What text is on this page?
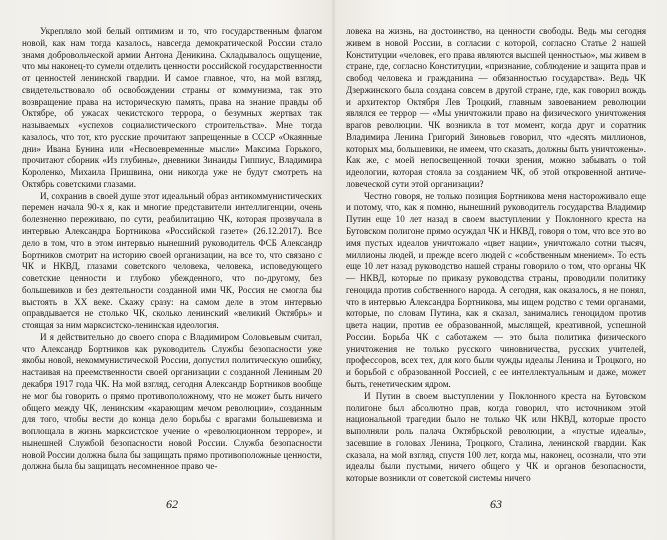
Укрепляло мой белый оптимизм и то, что государственным флагом новой, как нам тогда казалось, навсегда демократической России стало знамя добровольческой армии Антона Деникина. Складывалось ощущение, что мы наконец-то сумели отделить ценности российской государственности от ценностей ленинской гвардии. И самое главное, что, на мой взгляд, свидетельствовало об освобождении страны от коммунизма, так это возвращение права на историческую память, права на знание правды об Октябре, об ужасах чекистского террора, о безумных жертвах так называемых «успехов социалистического строительства». Мне тогда казалось, что тот, кто русские прочитают запрещенные в СССР «Окаянные дни» Ивана Бунина или «Несвоевременные мысли» Максима Горького, прочитают сборник «Из глубины», дневники Зинаиды Гиппиус, Владимира Короленко, Михаила Пришвина, они никогда уже не будут смотреть на Октябрь советскими глазами.

И, сохранив в своей душе этот идеальный образ антикоммунистических перемен начала 90-х я, как и многие представители интеллигенции, очень болезненно переживаю, по сути, реабилитацию ЧК, которая прозвучала в интервью Александра Бортникова «Российской газете» (26.12.2017). Все дело в том, что в этом интервью нынешний руководитель ФСБ Александр Бортников смотрит на историю своей организации, на все то, что связано с ЧК и НКВД, глазами советского человека, человека, исповедующего советские ценности и глубоко убежденного, что по-другому, без большевиков и без деятельности созданной ими ЧК, Россия не смогла бы выстоять в ХХ веке. Скажу сразу: на самом деле в этом интервью оправдывается не столько ЧК, сколько ленинский «великий Октябрь» и стоящая за ним марксистско-ленинская идеология.

И я действительно до своего спора с Владимиром Соловьевым считал, что Александр Бортников как руководитель Службы безопасности уже якобы новой, некоммунистической России, допустил политическую ошибку, настаивая на преемственности своей организации с созданной Лениным 20 декабря 1917 года ЧК. На мой взгляд, сегодня Александр Бортников вообще не мог бы говорить о прямо противоположному, что не может быть ничего общего между ЧК, ленинским «карающим мечом революции», созданным для того, чтобы вести до конца дело борьбы с врагами большевизма и воплощала в жизнь марксистское учение о «революционном терроре», и нынешней Службой безопасности новой России. Служба безопасности новой России должна была бы защищать прямо противоположные ценности, должна была бы защищать несомненное право че-

62

ловека на жизнь, на достоинство, на ценности свободы. Ведь мы сегодня живем в новой России, в согласии с которой, согласно Статье 2 нашей Конституции «человек, его права являются высшей ценностью», мы живем в стране, где, согласно Конституции, «признание, соблюдение и защита прав и свобод человека и гражданина — обязанностью государства». Ведь ЧК Дзержинского была создана совсем в другой стране, где, как говорил вождь и архитектор Октября Лев Троцкий, главным завоеванием революции являлся ее террор — «Мы уничтожили право на физического уничтожения врагов революции. ЧК возникла в тот момент, когда друг и соратник Владимира Ленина Григорий Зиновьев говорил, что «десять миллионов, которых мы, большевики, не имеем, что сказать, должны быть уничтожены». Как же, с моей непосвещенной точки зрения, можно забывать о той идеологии, которая стояла за созданием ЧК, об этой откровенной античеловеческой сути этой организации?

Честно говоря, не только позиция Бортникова меня настороживало еще и потому, что, как я помню, нынешний руководитель государства Владимир Путин еще 10 лет назад в своем выступлении у Поклонного креста на Бутовском полигоне прямо осуждал ЧК и НКВД, говоря о том, что все это во имя пустых идеалов уничтожало «цвет нации», уничтожало сотни тысяч, миллионы людей, и прежде всего людей с «собственным мнением». То есть еще 10 лет назад руководство нашей страны говорило о том, что органы ЧК — НКВД, которые по приказу руководства страны, проводили политику геноцида против собственного народа. А сегодня, как оказалось, я не понял, что в интервью Александра Бортникова, мы ищем родство с теми органами, которые, по словам Путина, как я сказал, занимались геноцидом против цвета нации, против ее образованной, мыслящей, креативной, успешной России. Борьба ЧК с саботажем — это была политика физического уничтожения не только русского чиновничества, русских учителей, профессоров, всех тех, для кого были чужды идеалы Ленина и Троцкого, но и борьбой с образованной Россией, с ее интеллектуальным и даже, может быть, генетическим ядром.

И Путин в своем выступлении у Поклонного креста на Бутовском полигоне был абсолютно прав, когда говорил, что источником этой национальной трагедии было не только ЧК или НКВД, которые просто выполняли роль палача Октябрьской революции, а «пустые идеалы», засевшие в головах Ленина, Троцкого, Сталина, ленинской гвардии. Как сказала, на мой взгляд, спустя 100 лет, когда мы, наконец, осознали, что эти идеалы были пустыми, ничего общего у ЧК и органов безопасности, которые возникли от советской системы ничего

63
